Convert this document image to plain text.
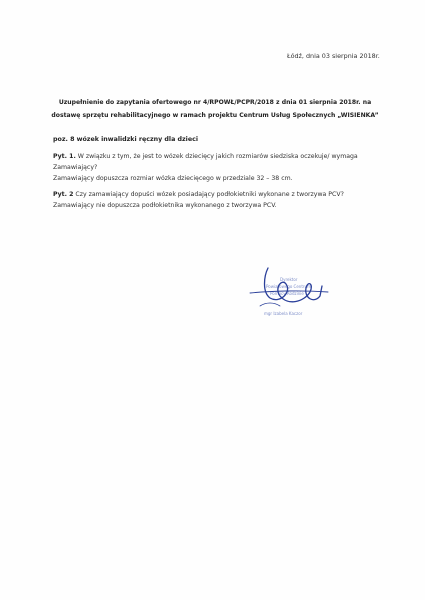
Łódź, dnia 03 sierpnia 2018r.
Uzupełnienie do zapytania ofertowego nr 4/RPOWŁ/PCPR/2018 z dnia 01 sierpnia 2018r. na
dostawę sprzętu rehabilitacyjnego w ramach projektu Centrum Usług Społecznych „WISIENKA”
poz. 8 wózek inwalidzki ręczny dla dzieci
Pyt. 1. W związku z tym, że jest to wózek dziecięcy jakich rozmiarów siedziska oczekuje/ wymaga
Zamawiający?
Zamawiający dopuszcza rozmiar wózka dziecięcego w przedziale 32 – 38 cm.
Pyt. 2 Czy zamawiający dopuści wózek posiadający podłokietniki wykonane z tworzywa PCV?
Zamawiający nie dopuszcza podłokietnika wykonanego z tworzywa PCV.
Dyrektor
Powiatowego Centrum
Pomocy Rodzinie
mgr Izabela Kaczor
